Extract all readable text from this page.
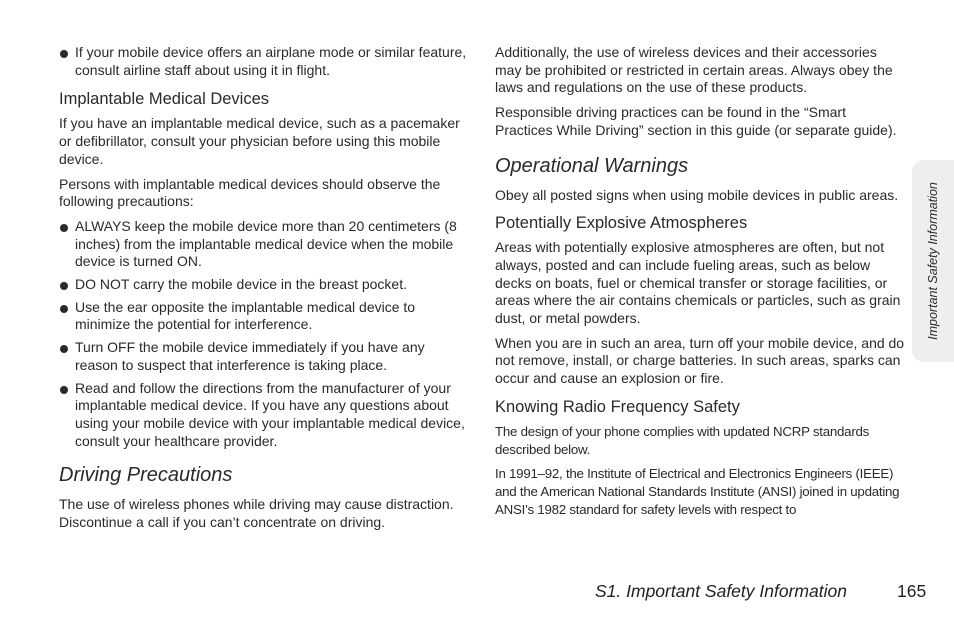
If your mobile device offers an airplane mode or similar feature, consult airline staff about using it in flight.
Implantable Medical Devices

If you have an implantable medical device, such as a pacemaker or defibrillator, consult your physician before using this mobile device.

Persons with implantable medical devices should observe the following precautions:

ALWAYS keep the mobile device more than 20 centimeters (8 inches) from the implantable medical device when the mobile device is turned ON.
DO NOT carry the mobile device in the breast pocket.
Use the ear opposite the implantable medical device to minimize the potential for interference.
Turn OFF the mobile device immediately if you have any reason to suspect that interference is taking place.
Read and follow the directions from the manufacturer of your implantable medical device. If you have any questions about using your mobile device with your implantable medical device, consult your healthcare provider.
Driving Precautions

The use of wireless phones while driving may cause distraction. Discontinue a call if you can’t concentrate on driving.

Additionally, the use of wireless devices and their accessories may be prohibited or restricted in certain areas. Always obey the laws and regulations on the use of these products.

Responsible driving practices can be found in the “Smart Practices While Driving” section in this guide (or separate guide).

Operational Warnings

Obey all posted signs when using mobile devices in public areas.

Potentially Explosive Atmospheres

Areas with potentially explosive atmospheres are often, but not always, posted and can include fueling areas, such as below decks on boats, fuel or chemical transfer or storage facilities, or areas where the air contains chemicals or particles, such as grain dust, or metal powders.

When you are in such an area, turn off your mobile device, and do not remove, install, or charge batteries. In such areas, sparks can occur and cause an explosion or fire.

Knowing Radio Frequency Safety

The design of your phone complies with updated NCRP standards described below.

In 1991–92, the Institute of Electrical and Electronics Engineers (IEEE) and the American National Standards Institute (ANSI) joined in updating ANSI’s 1982 standard for safety levels with respect to

Important Safety Information
S1. Important Safety Information	165
